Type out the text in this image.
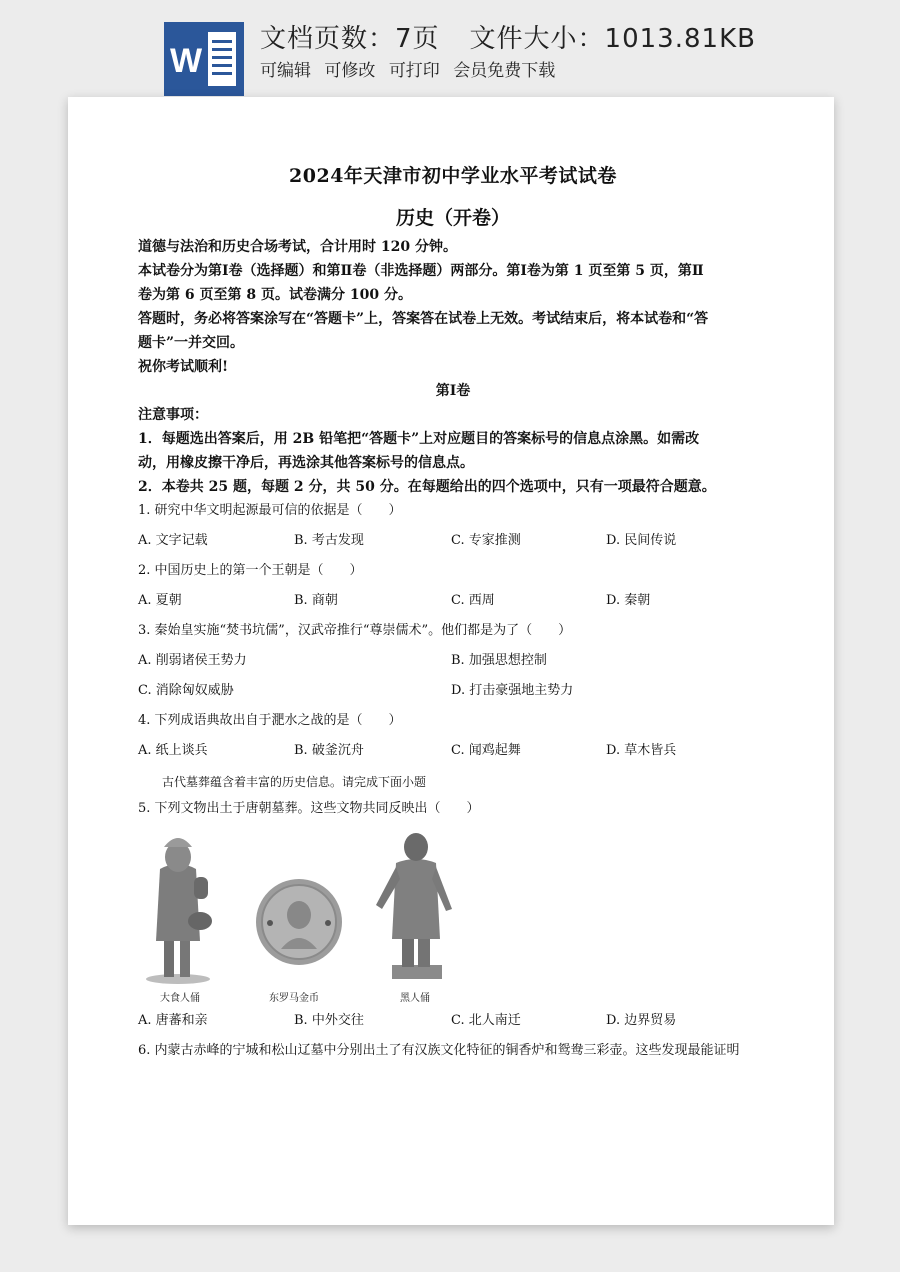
W
文档页数：7页 文件大小：1013.81KB
可编辑 可修改 可打印 会员免费下载
2024年天津市初中学业水平考试试卷
历史（开卷）
道德与法治和历史合场考试，合计用时 120 分钟。
本试卷分为第Ⅰ卷（选择题）和第Ⅱ卷（非选择题）两部分。第Ⅰ卷为第 1 页至第 5 页，第Ⅱ
卷为第 6 页至第 8 页。试卷满分 100 分。
答题时，务必将答案涂写在“答题卡”上，答案答在试卷上无效。考试结束后，将本试卷和“答
题卡”一并交回。
祝你考试顺利!
第Ⅰ卷
注意事项：
1．每题选出答案后，用 2B 铅笔把“答题卡”上对应题目的答案标号的信息点涂黑。如需改
动，用橡皮擦干净后，再选涂其他答案标号的信息点。
2．本卷共 25 题，每题 2 分，共 50 分。在每题给出的四个选项中，只有一项最符合题意。
1. 研究中华文明起源最可信的依据是（　　）
A. 文字记载	B. 考古发现	C. 专家推测	D. 民间传说
2. 中国历史上的第一个王朝是（　　）
A. 夏朝	B. 商朝	C. 西周	D. 秦朝
3. 秦始皇实施“焚书坑儒”，汉武帝推行“尊崇儒术”。他们都是为了（　　）
A. 削弱诸侯王势力	B. 加强思想控制
C. 消除匈奴威胁	D. 打击豪强地主势力
4. 下列成语典故出自于淝水之战的是（　　）
A. 纸上谈兵	B. 破釜沉舟	C. 闻鸡起舞	D. 草木皆兵
古代墓葬蕴含着丰富的历史信息。请完成下面小题
5. 下列文物出土于唐朝墓葬。这些文物共同反映出（　　）
大食人俑	东罗马金币	黑人俑
A. 唐蕃和亲	B. 中外交往	C. 北人南迁	D. 边界贸易
6. 内蒙古赤峰的宁城和松山辽墓中分别出土了有汉族文化特征的铜香炉和鸳鸯三彩壶。这些发现最能证明
